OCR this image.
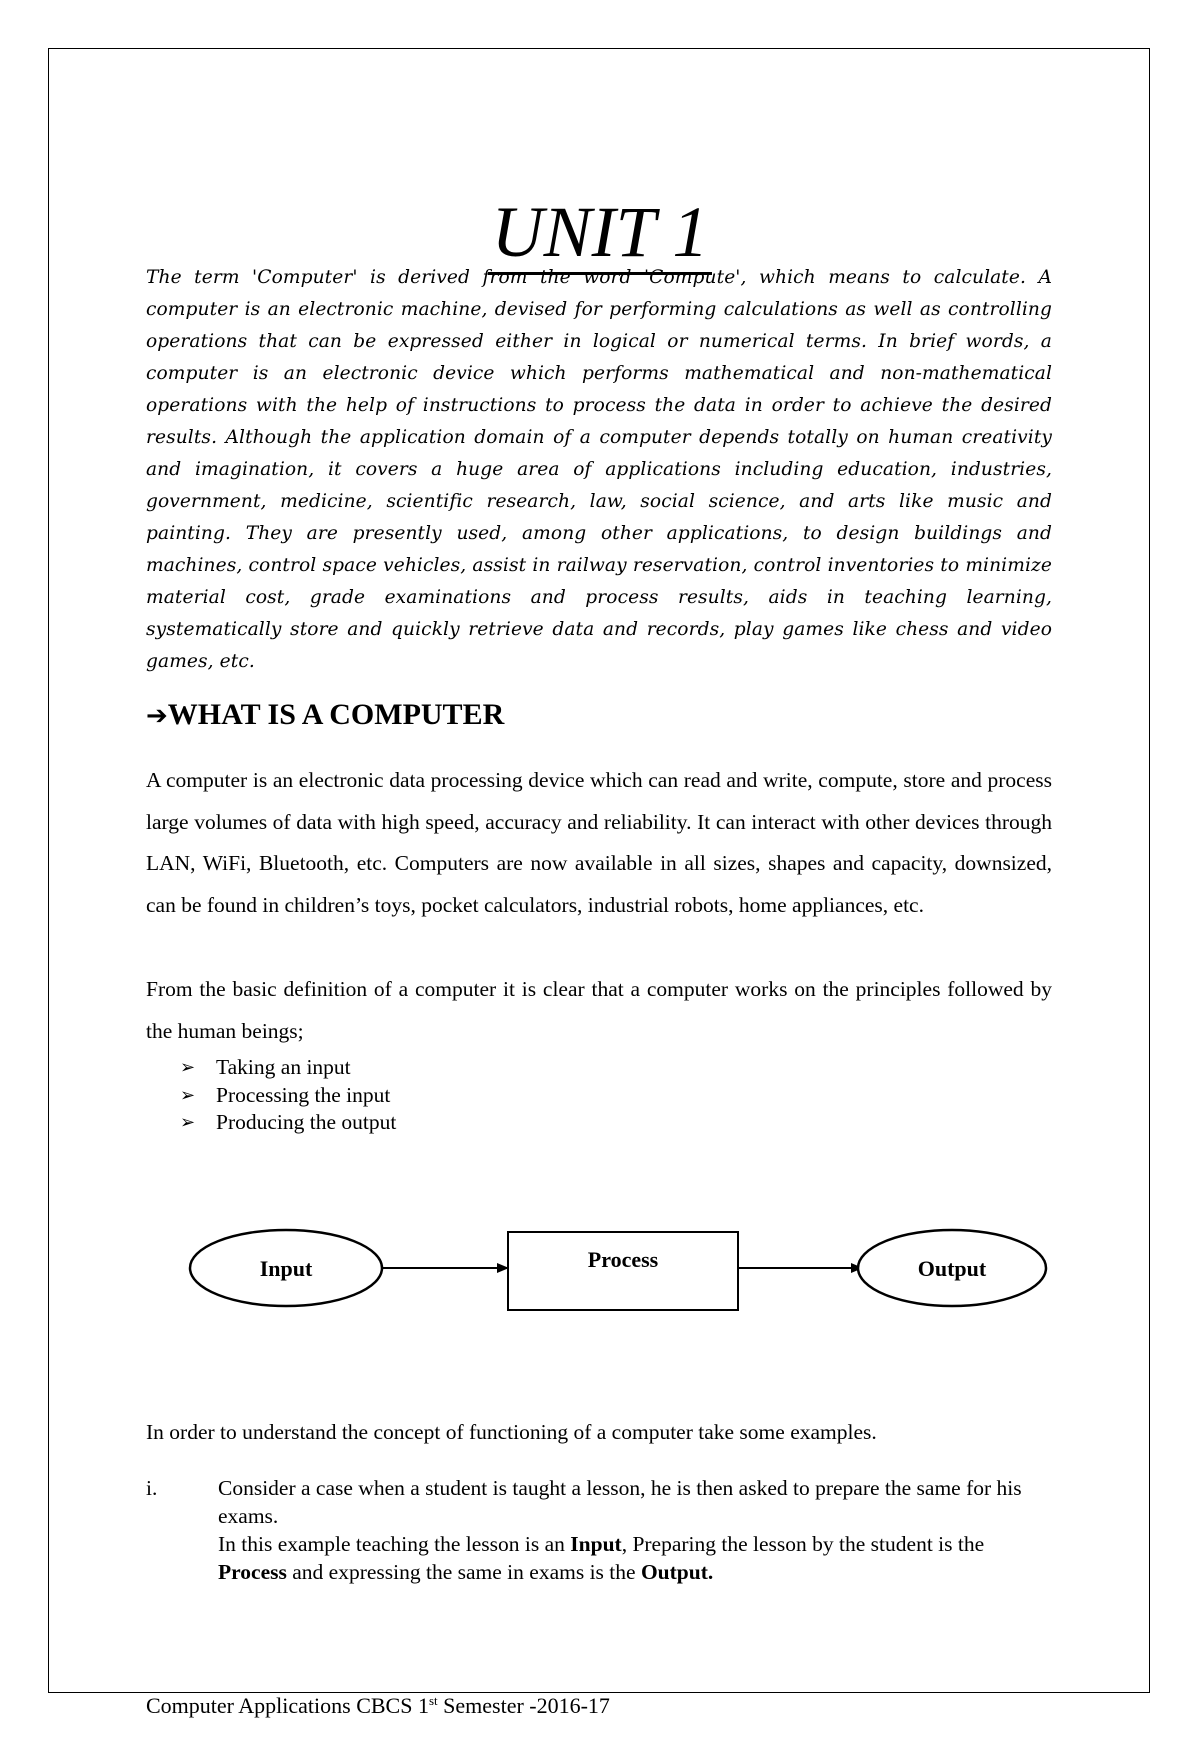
UNIT 1

The term 'Computer' is derived from the word 'Compute', which means to calculate. A computer is an electronic machine, devised for performing calculations as well as controlling operations that can be expressed either in logical or numerical terms. In brief words, a computer is an electronic device which performs mathematical and non-mathematical operations with the help of instructions to process the data in order to achieve the desired results. Although the application domain of a computer depends totally on human creativity and imagination, it covers a huge area of applications including education, industries, government, medicine, scientific research, law, social science, and arts like music and painting. They are presently used, among other applications, to design buildings and machines, control space vehicles, assist in railway reservation, control inventories to minimize material cost, grade examinations and process results, aids in teaching learning, systematically store and quickly retrieve data and records, play games like chess and video games, etc.

➔WHAT IS A COMPUTER

A computer is an electronic data processing device which can read and write, compute, store and process large volumes of data with high speed, accuracy and reliability. It can interact with other devices through LAN, WiFi, Bluetooth, etc. Computers are now available in all sizes, shapes and capacity, downsized, can be found in children’s toys, pocket calculators, industrial robots, home appliances, etc.

From the basic definition of a computer it is clear that a computer works on the principles followed by the human beings;

➢ Taking an input
➢ Processing the input
➢ Producing the output
Input	Process	Output

In order to understand the concept of functioning of a computer take some examples.

i.	Consider a case when a student is taught a lesson, he is then asked to prepare the same for his exams.
In this example teaching the lesson is an Input, Preparing the lesson by the student is the Process and expressing the same in exams is the Output.
Computer Applications CBCS 1st Semester -2016-17
